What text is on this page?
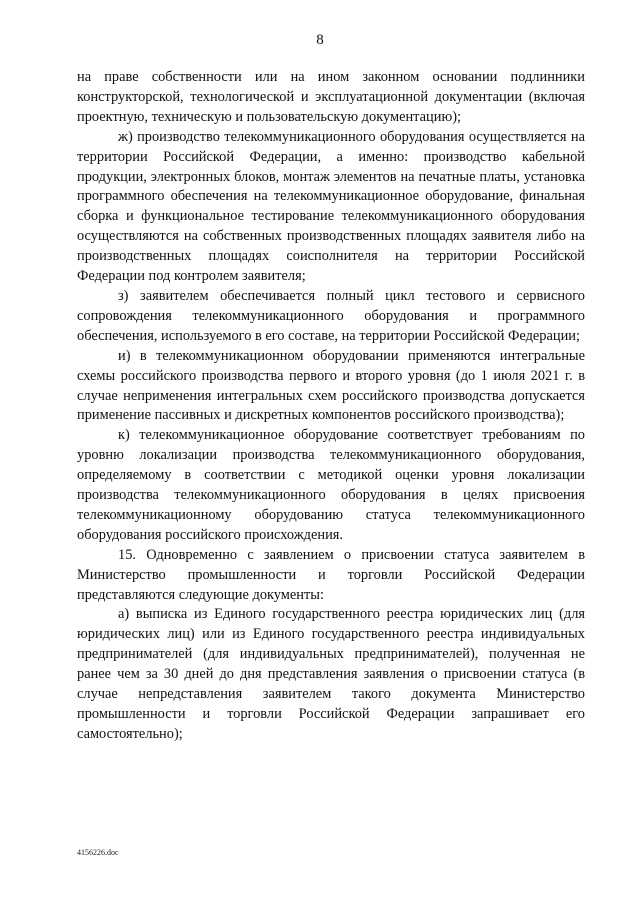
8

на праве собственности или на ином законном основании подлинники конструкторской, технологической и эксплуатационной документации (включая проектную, техническую и пользовательскую документацию);

ж) производство телекоммуникационного оборудования осуществляется на территории Российской Федерации, а именно: производство кабельной продукции, электронных блоков, монтаж элементов на печатные платы, установка программного обеспечения на телекоммуникационное оборудование, финальная сборка и функциональное тестирование телекоммуникационного оборудования осуществляются на собственных производственных площадях заявителя либо на производственных площадях соисполнителя на территории Российской Федерации под контролем заявителя;

з) заявителем обеспечивается полный цикл тестового и сервисного сопровождения телекоммуникационного оборудования и программного обеспечения, используемого в его составе, на территории Российской Федерации;

и) в телекоммуникационном оборудовании применяются интегральные схемы российского производства первого и второго уровня (до 1 июля 2021 г. в случае неприменения интегральных схем российского производства допускается применение пассивных и дискретных компонентов российского производства);

к) телекоммуникационное оборудование соответствует требованиям по уровню локализации производства телекоммуникационного оборудования, определяемому в соответствии с методикой оценки уровня локализации производства телекоммуникационного оборудования в целях присвоения телекоммуникационному оборудованию статуса телекоммуникационного оборудования российского происхождения.

15. Одновременно с заявлением о присвоении статуса заявителем в Министерство промышленности и торговли Российской Федерации представляются следующие документы:

а) выписка из Единого государственного реестра юридических лиц (для юридических лиц) или из Единого государственного реестра индивидуальных предпринимателей (для индивидуальных предпринимателей), полученная не ранее чем за 30 дней до дня представления заявления о присвоении статуса (в случае непредставления заявителем такого документа Министерство промышленности и торговли Российской Федерации запрашивает его самостоятельно);

4156226.doc
